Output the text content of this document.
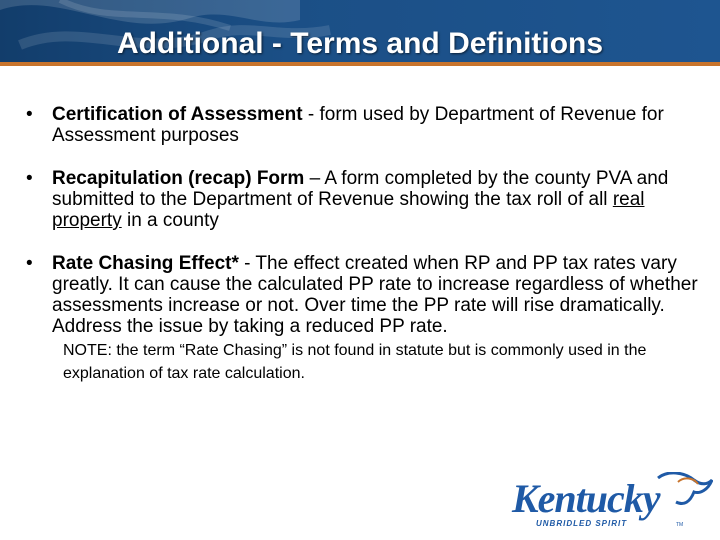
Additional - Terms and Definitions
• Certification of Assessment - form used by Department of Revenue for Assessment purposes
• Recapitulation (recap) Form – A form completed by the county PVA and submitted to the Department of Revenue showing the tax roll of all real property in a county
• Rate Chasing Effect* - The effect created when RP and PP tax rates vary greatly. It can cause the calculated PP rate to increase regardless of whether assessments increase or not. Over time the PP rate will rise dramatically. Address the issue by taking a reduced PP rate.
NOTE: the term “Rate Chasing” is not found in statute but is commonly used in the explanation of tax rate calculation.
Kentucky
UNBRIDLED SPIRIT	TM
